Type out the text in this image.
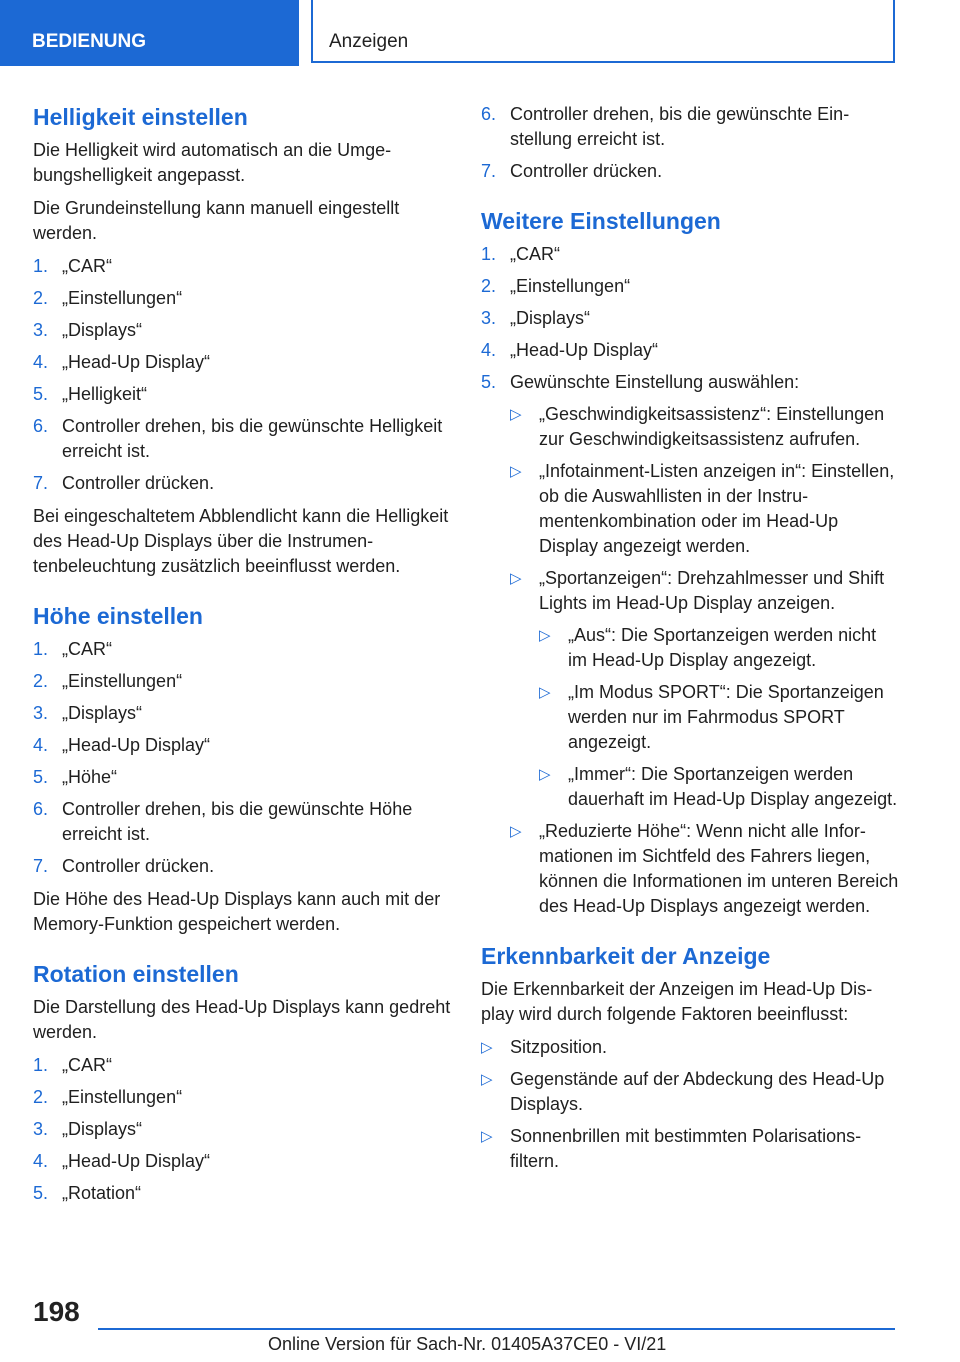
BEDIENUNG	Anzeigen
Helligkeit einstellen

Die Helligkeit wird automatisch an die Umgebungshelligkeit angepasst.

Die Grundeinstellung kann manuell eingestellt werden.

1. „CAR“
2. „Einstellungen“
3. „Displays“
4. „Head-Up Display“
5. „Helligkeit“
6. Controller drehen, bis die gewünschte Helligkeit erreicht ist.
7. Controller drücken.

Bei eingeschaltetem Abblendlicht kann die Helligkeit des Head-Up Displays über die Instrumentenbeleuchtung zusätzlich beeinflusst werden.

Höhe einstellen
1. „CAR“
2. „Einstellungen“
3. „Displays“
4. „Head-Up Display“
5. „Höhe“
6. Controller drehen, bis die gewünschte Höhe erreicht ist.
7. Controller drücken.

Die Höhe des Head-Up Displays kann auch mit der Memory-Funktion gespeichert werden.

Rotation einstellen

Die Darstellung des Head-Up Displays kann gedreht werden.

1. „CAR“
2. „Einstellungen“
3. „Displays“
4. „Head-Up Display“
5. „Rotation“
6. Controller drehen, bis die gewünschte Einstellung erreicht ist.
7. Controller drücken.
Weitere Einstellungen
1. „CAR“
2. „Einstellungen“
3. „Displays“
4. „Head-Up Display“
5. Gewünschte Einstellung auswählen:
▷ „Geschwindigkeitsassistenz“: Einstellungen zur Geschwindigkeitsassistenz aufrufen.
▷ „Infotainment-Listen anzeigen in“: Einstellen, ob die Auswahllisten in der Instrumentenkombination oder im Head-Up Display angezeigt werden.
▷ „Sportanzeigen“: Drehzahlmesser und Shift Lights im Head-Up Display anzeigen.
▷ „Aus“: Die Sportanzeigen werden nicht im Head-Up Display angezeigt.
▷ „Im Modus SPORT“: Die Sportanzeigen werden nur im Fahrmodus SPORT angezeigt.
▷ „Immer“: Die Sportanzeigen werden dauerhaft im Head-Up Display angezeigt.
▷ „Reduzierte Höhe“: Wenn nicht alle Informationen im Sichtfeld des Fahrers liegen, können die Informationen im unteren Bereich des Head-Up Displays angezeigt werden.
Erkennbarkeit der Anzeige

Die Erkennbarkeit der Anzeigen im Head-Up Display wird durch folgende Faktoren beeinflusst:

▷ Sitzposition.
▷ Gegenstände auf der Abdeckung des Head-Up Displays.
▷ Sonnenbrillen mit bestimmten Polarisationsfiltern.
198
Online Version für Sach-Nr. 01405A37CE0 - VI/21
